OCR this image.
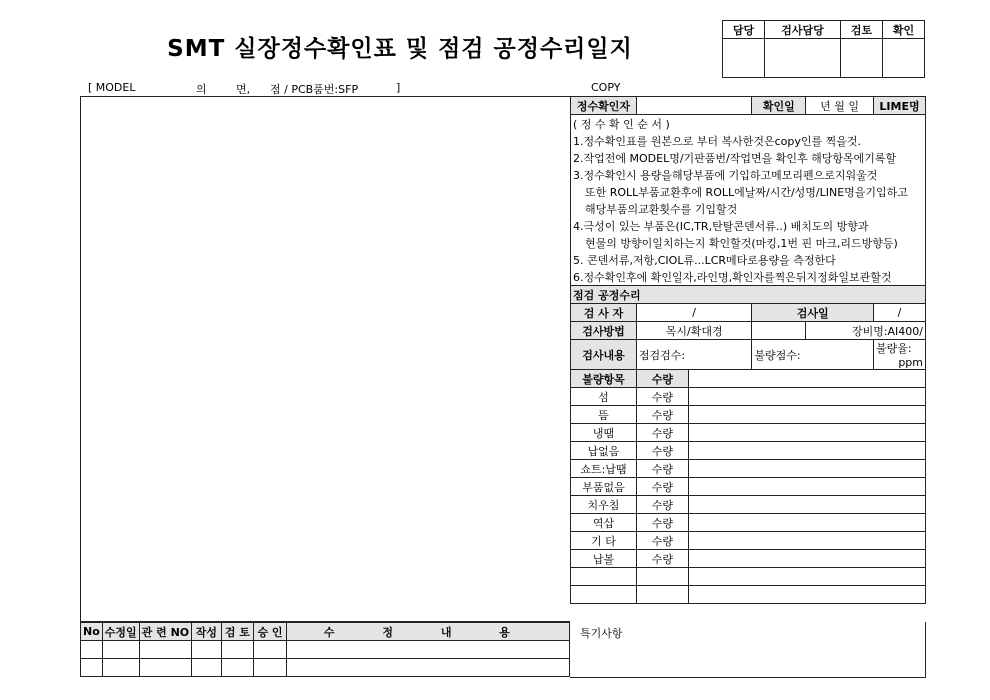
SMT 실장정수확인표 및 점검 공정수리일지
담당	검사담당	검토	확인

[ MODEL	의	면, 점 / PCB품번:SFP	]	COPY
정수확인자			확인일	년 월 일	LIME명
( 정 수 확 인 순 서 )					
1.정수확인표를 원본으로 부터 복사한것은copy인를 찍을것.					
2.작업전에 MODEL명/기판품번/작업면을 확인후 해당항목에기록할					
3.정수확인시 용량을해당부품에 기입하고메모리펜으로지워울것					
또한 ROLL부품교환후에 ROLL에날짜/시간/성명/LINE명을기입하고					
해당부품의교환횟수를 기입할것					
4.극성이 있는 부품은(IC,TR,탄탈콘덴서류..) 배치도의 방향과					
현물의 방향이일치하는지 확인할것(마킹,1번 핀 마크,리드방향등)					
5. 콘덴서류,저항,CIOL류...LCR메타로용량을 측정한다					
6.정수확인후에 확인일자,라인명,확인자를찍은뒤지정화일보관할것					
점검 공정수리					
검 사 자	/		검사일		/
검사방법	목시/확대경			장비명:AI400/	
검사내용	점검검수:		불량점수:		불량율:
ppm

불량항목	수량				
섬	수량				
뜸	수량				
냉땜	수량				
납없음	수량				
쇼트:납땜	수량				
부품없음	수량				
치우침	수량				
역삽	수량				
기 타	수량				
납볼	수량				

No	수정일	관 련 NO	작성	검 토	승 인	수 정 내 용

							특기사항
